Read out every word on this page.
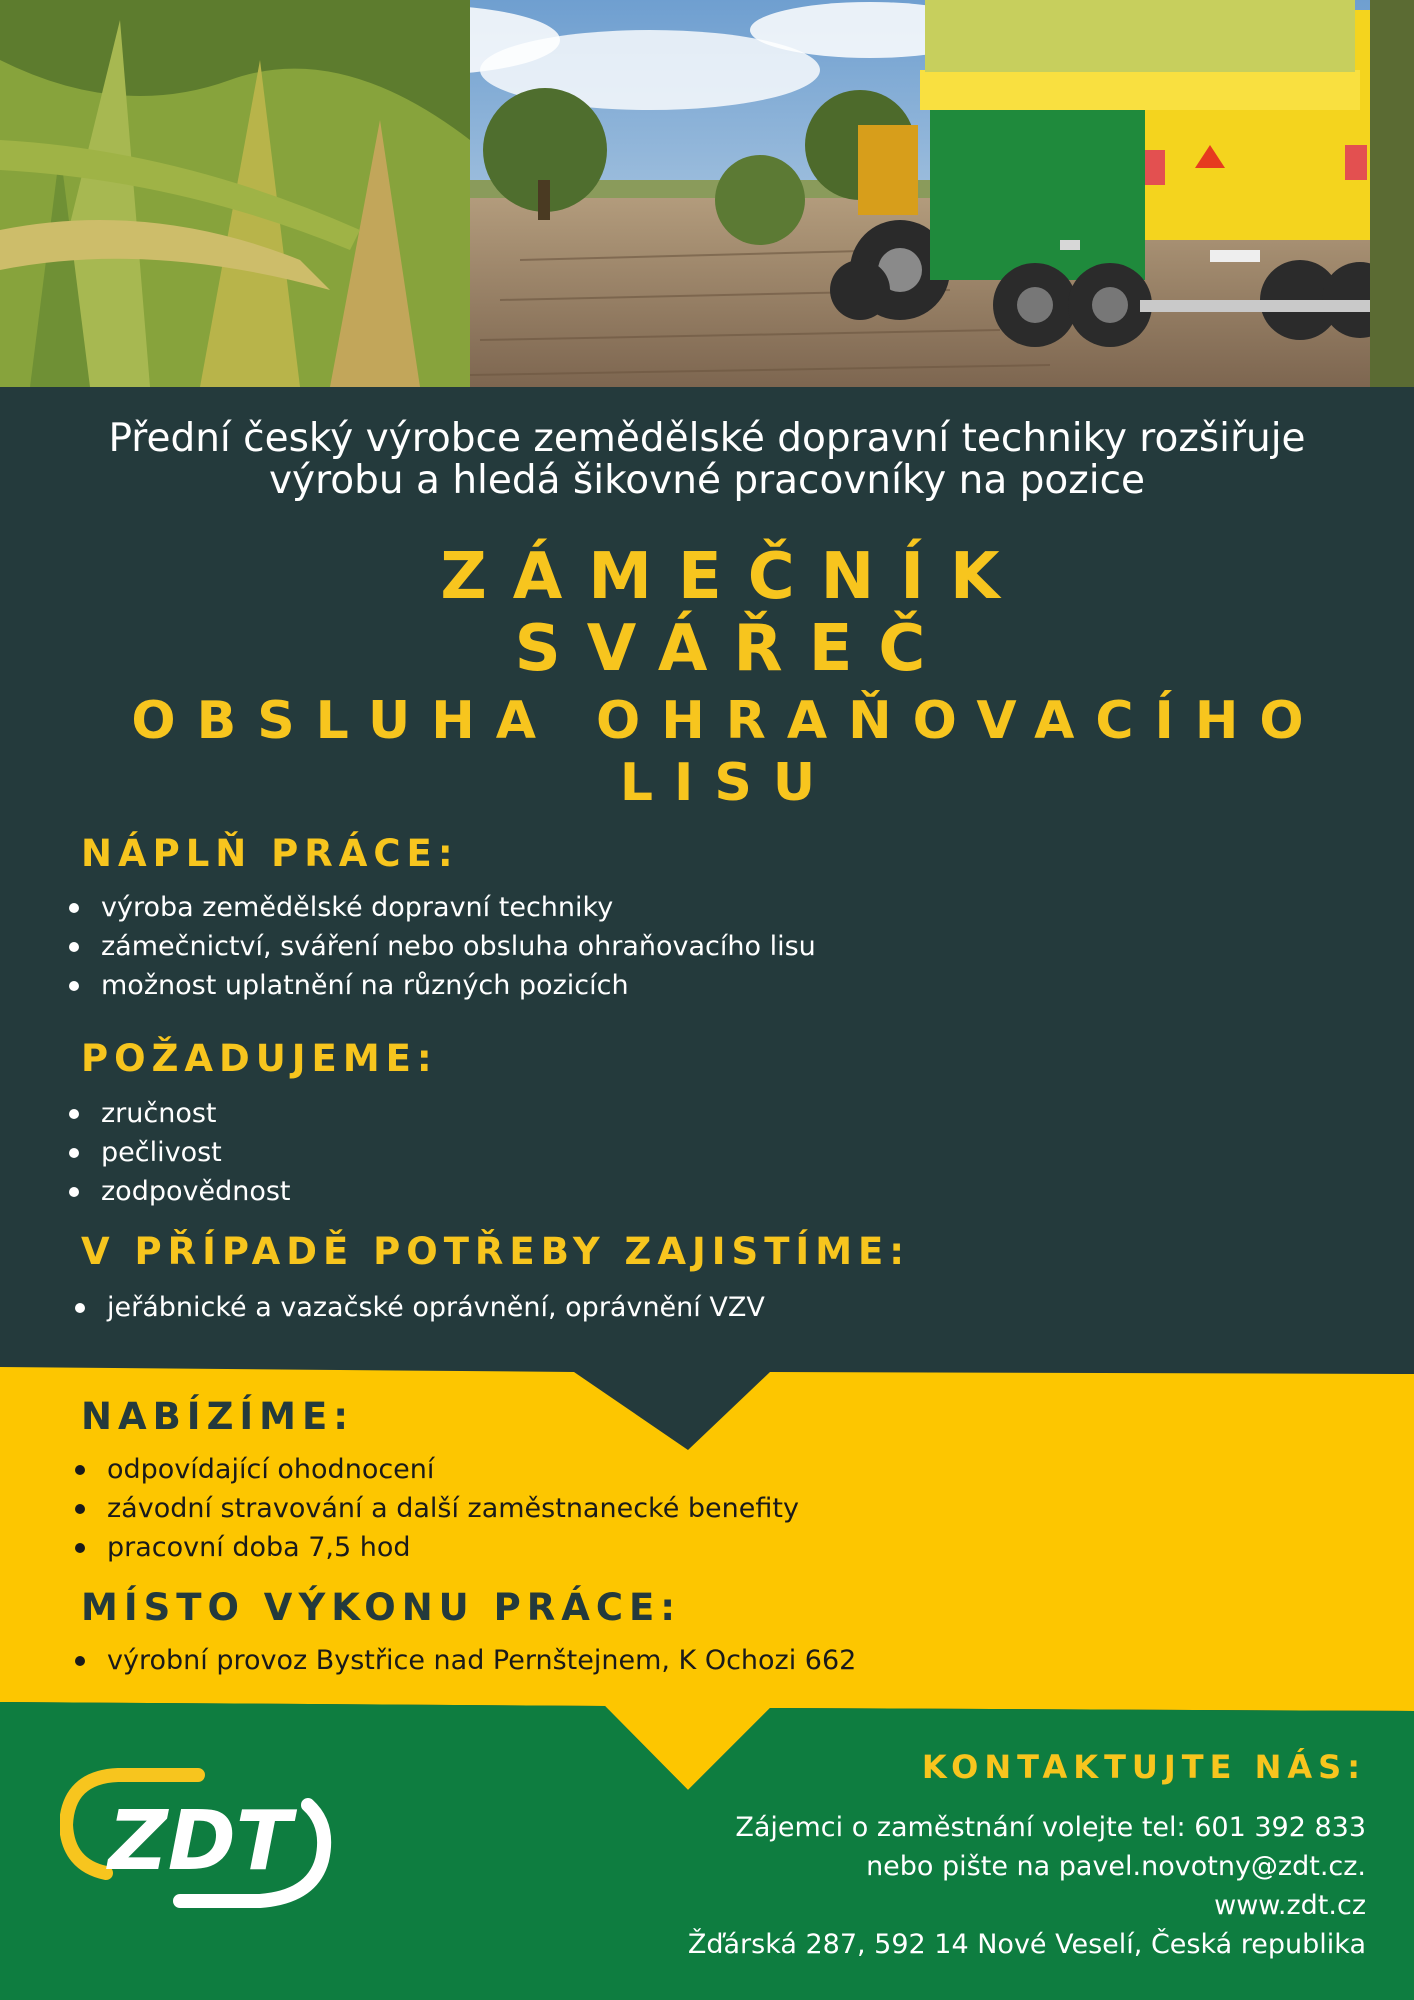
Přední český výrobce zemědělské dopravní techniky rozšiřuje
výrobu a hledá šikovné pracovníky na pozice
ZÁMEČNÍK
SVÁŘEČ
OBSLUHA OHRAŇOVACÍHO
LISU
NÁPLŇ PRÁCE:
výroba zemědělské dopravní techniky
zámečnictví, sváření nebo obsluha ohraňovacího lisu
možnost uplatnění na různých pozicích
POŽADUJEME:
zručnost
pečlivost
zodpovědnost
V PŘÍPADĚ POTŘEBY ZAJISTÍME:
jeřábnické a vazačské oprávnění, oprávnění VZV
NABÍZÍME:
odpovídající ohodnocení
závodní stravování a další zaměstnanecké benefity
pracovní doba 7,5 hod
MÍSTO VÝKONU PRÁCE:
výrobní provoz Bystřice nad Pernštejnem, K Ochozi 662
ZDT
KONTAKTUJTE NÁS:
Zájemci o zaměstnání volejte tel: 601 392 833
nebo pište na pavel.novotny@zdt.cz.
www.zdt.cz
Žďárská 287, 592 14 Nové Veselí, Česká republika
